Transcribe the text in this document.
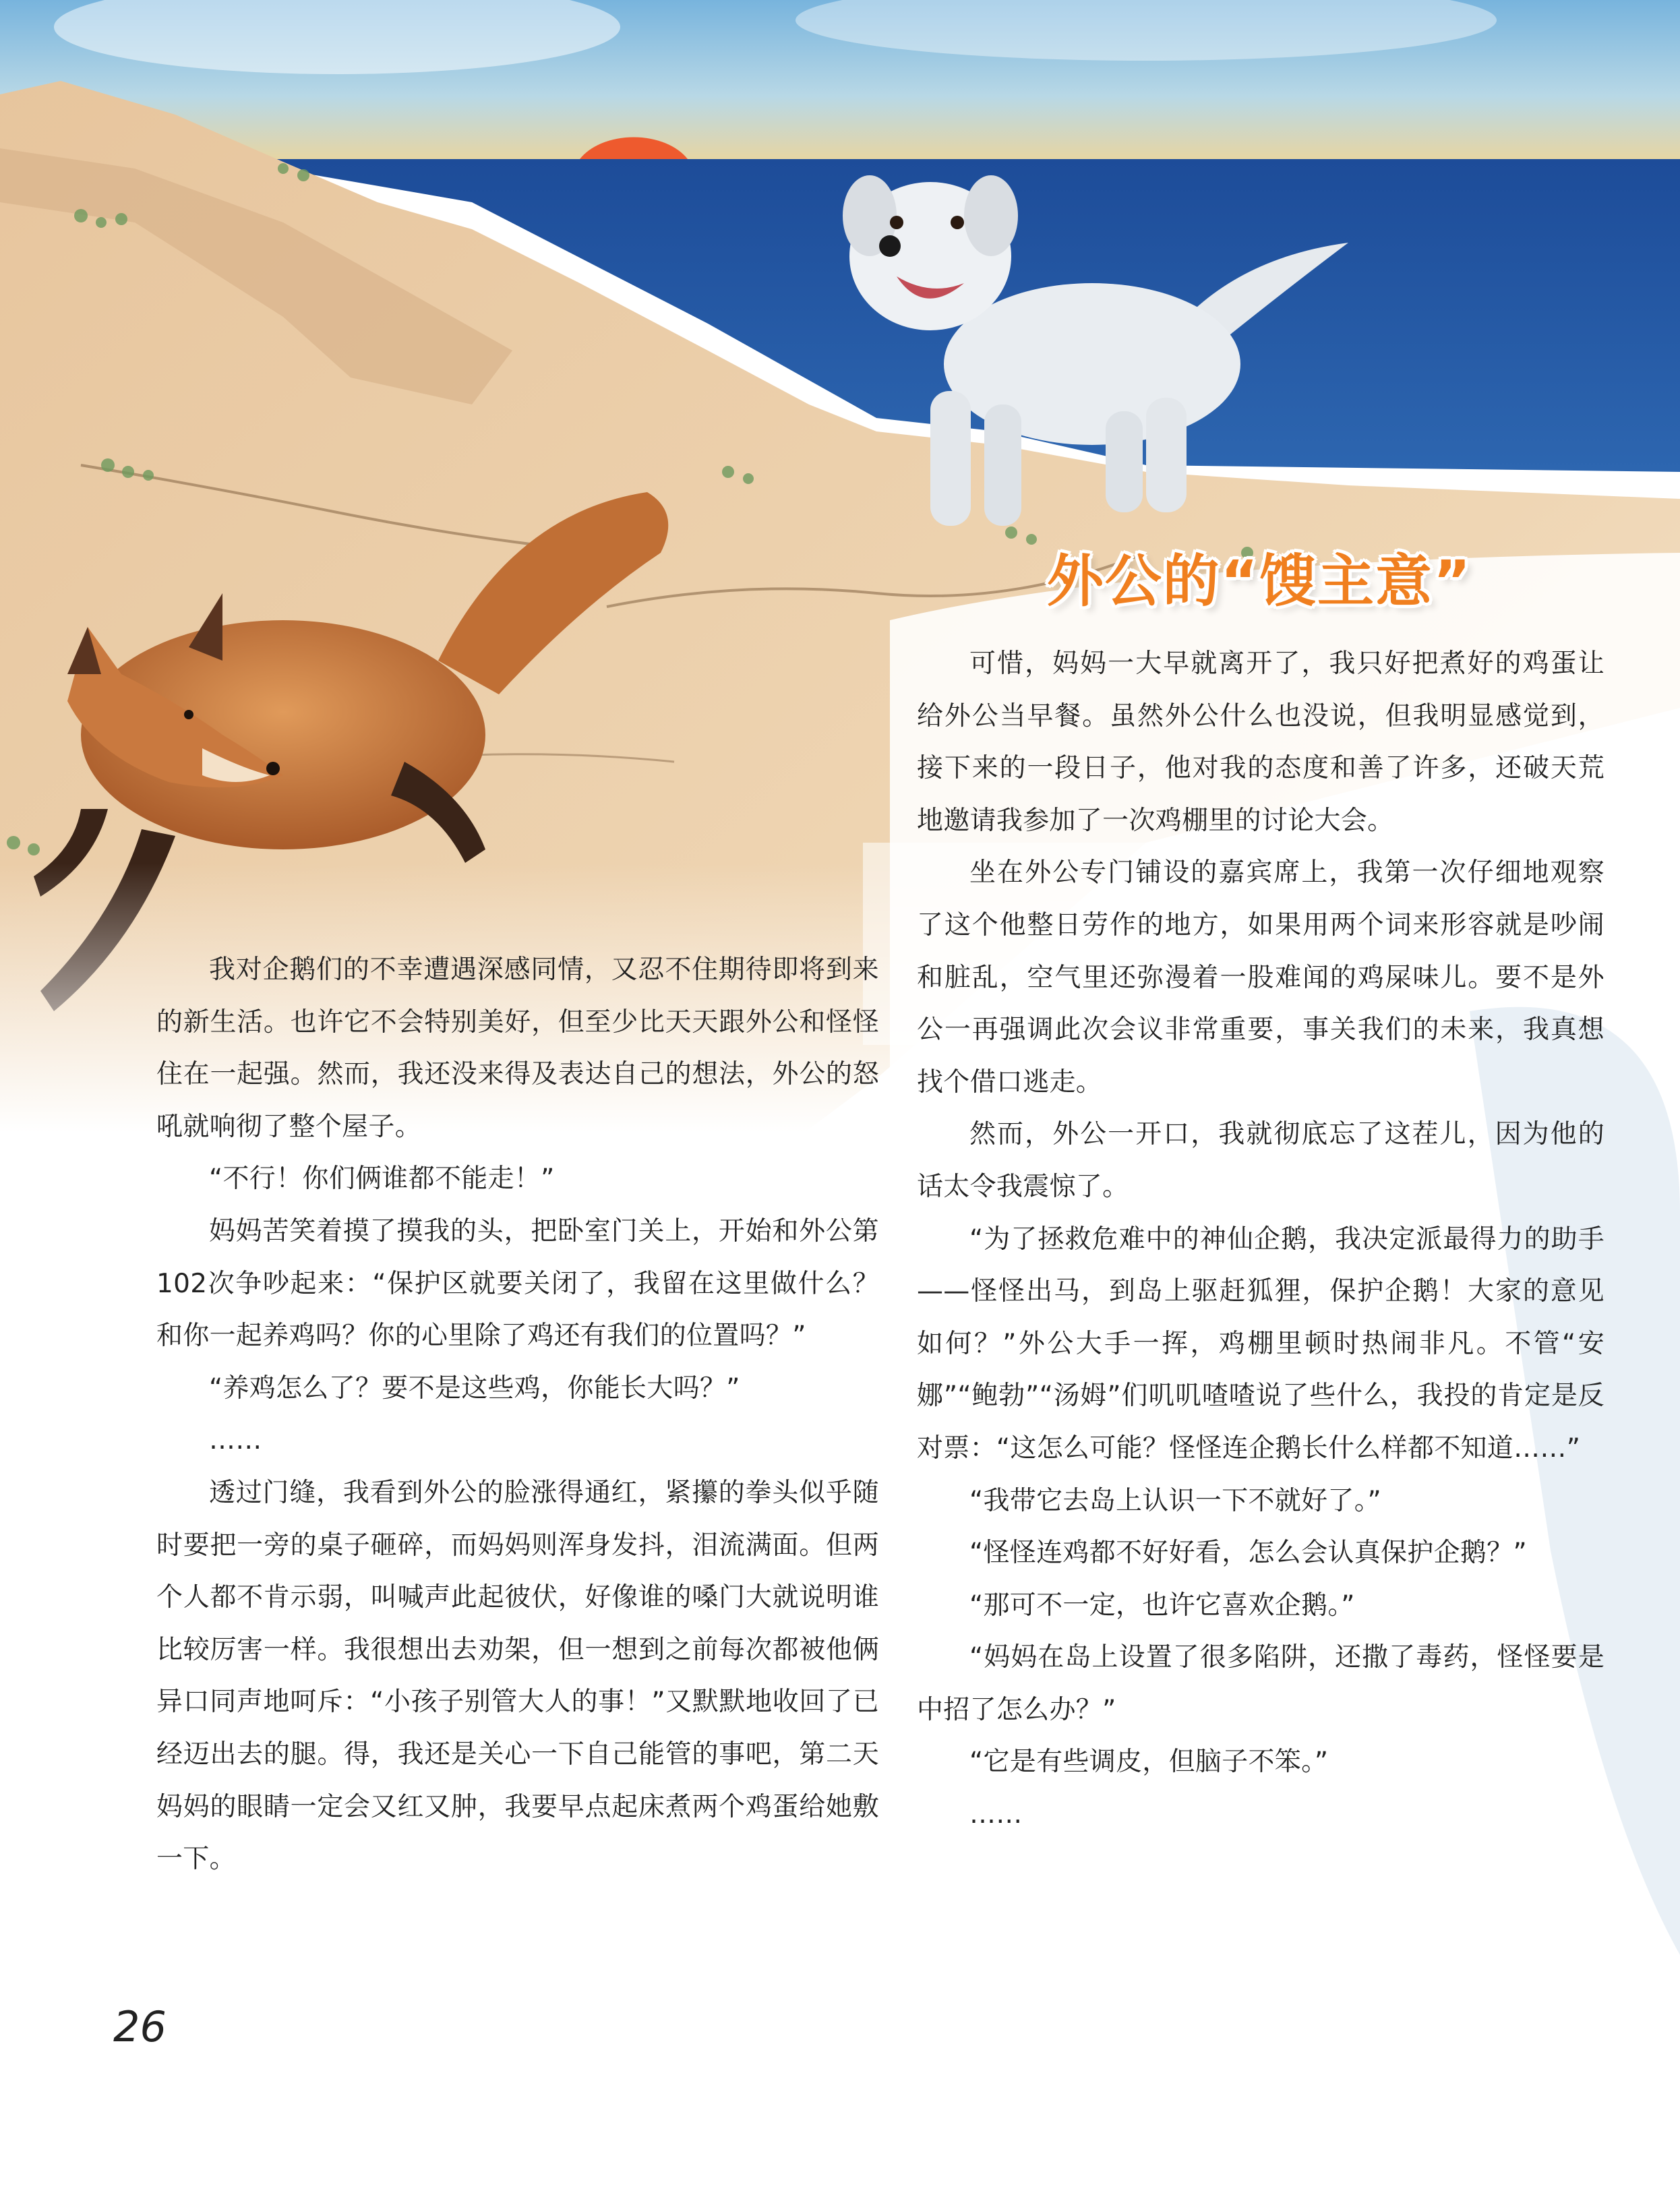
外公的“馊主意”

我对企鹅们的不幸遭遇深感同情，又忍不住期待即将到来的新生活。也许它不会特别美好，但至少比天天跟外公和怪怪住在一起强。然而，我还没来得及表达自己的想法，外公的怒吼就响彻了整个屋子。

“不行！你们俩谁都不能走！”

妈妈苦笑着摸了摸我的头，把卧室门关上，开始和外公第102次争吵起来：“保护区就要关闭了，我留在这里做什么？和你一起养鸡吗？你的心里除了鸡还有我们的位置吗？”

“养鸡怎么了？要不是这些鸡，你能长大吗？”

……

透过门缝，我看到外公的脸涨得通红，紧攥的拳头似乎随时要把一旁的桌子砸碎，而妈妈则浑身发抖，泪流满面。但两个人都不肯示弱，叫喊声此起彼伏，好像谁的嗓门大就说明谁比较厉害一样。我很想出去劝架，但一想到之前每次都被他俩异口同声地呵斥：“小孩子别管大人的事！”又默默地收回了已经迈出去的腿。得，我还是关心一下自己能管的事吧，第二天妈妈的眼睛一定会又红又肿，我要早点起床煮两个鸡蛋给她敷一下。

可惜，妈妈一大早就离开了，我只好把煮好的鸡蛋让给外公当早餐。虽然外公什么也没说，但我明显感觉到，接下来的一段日子，他对我的态度和善了许多，还破天荒地邀请我参加了一次鸡棚里的讨论大会。

坐在外公专门铺设的嘉宾席上，我第一次仔细地观察了这个他整日劳作的地方，如果用两个词来形容就是吵闹和脏乱，空气里还弥漫着一股难闻的鸡屎味儿。要不是外公一再强调此次会议非常重要，事关我们的未来，我真想找个借口逃走。

然而，外公一开口，我就彻底忘了这茬儿，因为他的话太令我震惊了。

“为了拯救危难中的神仙企鹅，我决定派最得力的助手——怪怪出马，到岛上驱赶狐狸，保护企鹅！大家的意见如何？”外公大手一挥，鸡棚里顿时热闹非凡。不管“安娜”“鲍勃”“汤姆”们叽叽喳喳说了些什么，我投的肯定是反对票：“这怎么可能？怪怪连企鹅长什么样都不知道……”

“我带它去岛上认识一下不就好了。”

“怪怪连鸡都不好好看，怎么会认真保护企鹅？”

“那可不一定，也许它喜欢企鹅。”

“妈妈在岛上设置了很多陷阱，还撒了毒药，怪怪要是中招了怎么办？”

“它是有些调皮，但脑子不笨。”

……

26
